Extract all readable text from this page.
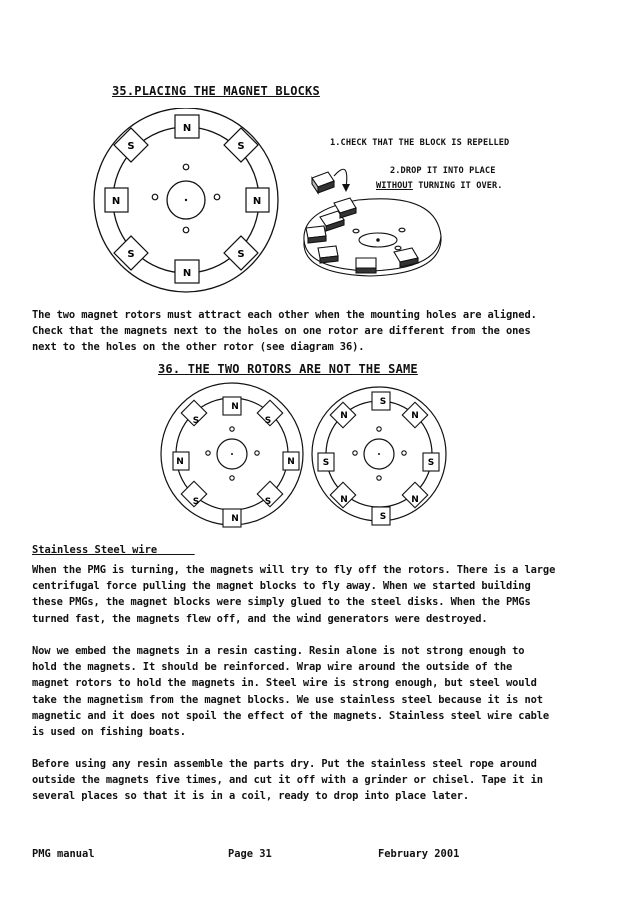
35.PLACING THE MAGNET BLOCKS
N
N
N	N
S	S
S	S
1.CHECK THAT THE BLOCK IS REPELLED
2.DROP IT INTO PLACE
WITHOUT TURNING IT OVER.
The two magnet rotors must attract each other when the mounting holes are aligned.
Check that the magnets next to the holes on one rotor are different from the ones
next to the holes on the other rotor (see diagram 36).
36. THE TWO ROTORS ARE NOT THE SAME
N
N
N	N
S	S
S	S
S
S
S	S
N	N
N	N
Stainless Steel wire
When the PMG is turning, the magnets will try to fly off the rotors. There is a large
centrifugal force pulling the magnet blocks to fly away. When we started building
these PMGs, the magnet blocks were simply glued to the steel disks. When the PMGs
turned fast, the magnets flew off, and the wind generators were destroyed.
Now we embed the magnets in a resin casting. Resin alone is not strong enough to
hold the magnets. It should be reinforced. Wrap wire around the outside of the
magnet rotors to hold the magnets in. Steel wire is strong enough, but steel would
take the magnetism from the magnet blocks. We use stainless steel because it is not
magnetic and it does not spoil the effect of the magnets. Stainless steel wire cable
is used on fishing boats.
Before using any resin assemble the parts dry. Put the stainless steel rope around
outside the magnets five times, and cut it off with a grinder or chisel. Tape it in
several places so that it is in a coil, ready to drop into place later.
PMG manual	Page 31	February 2001
